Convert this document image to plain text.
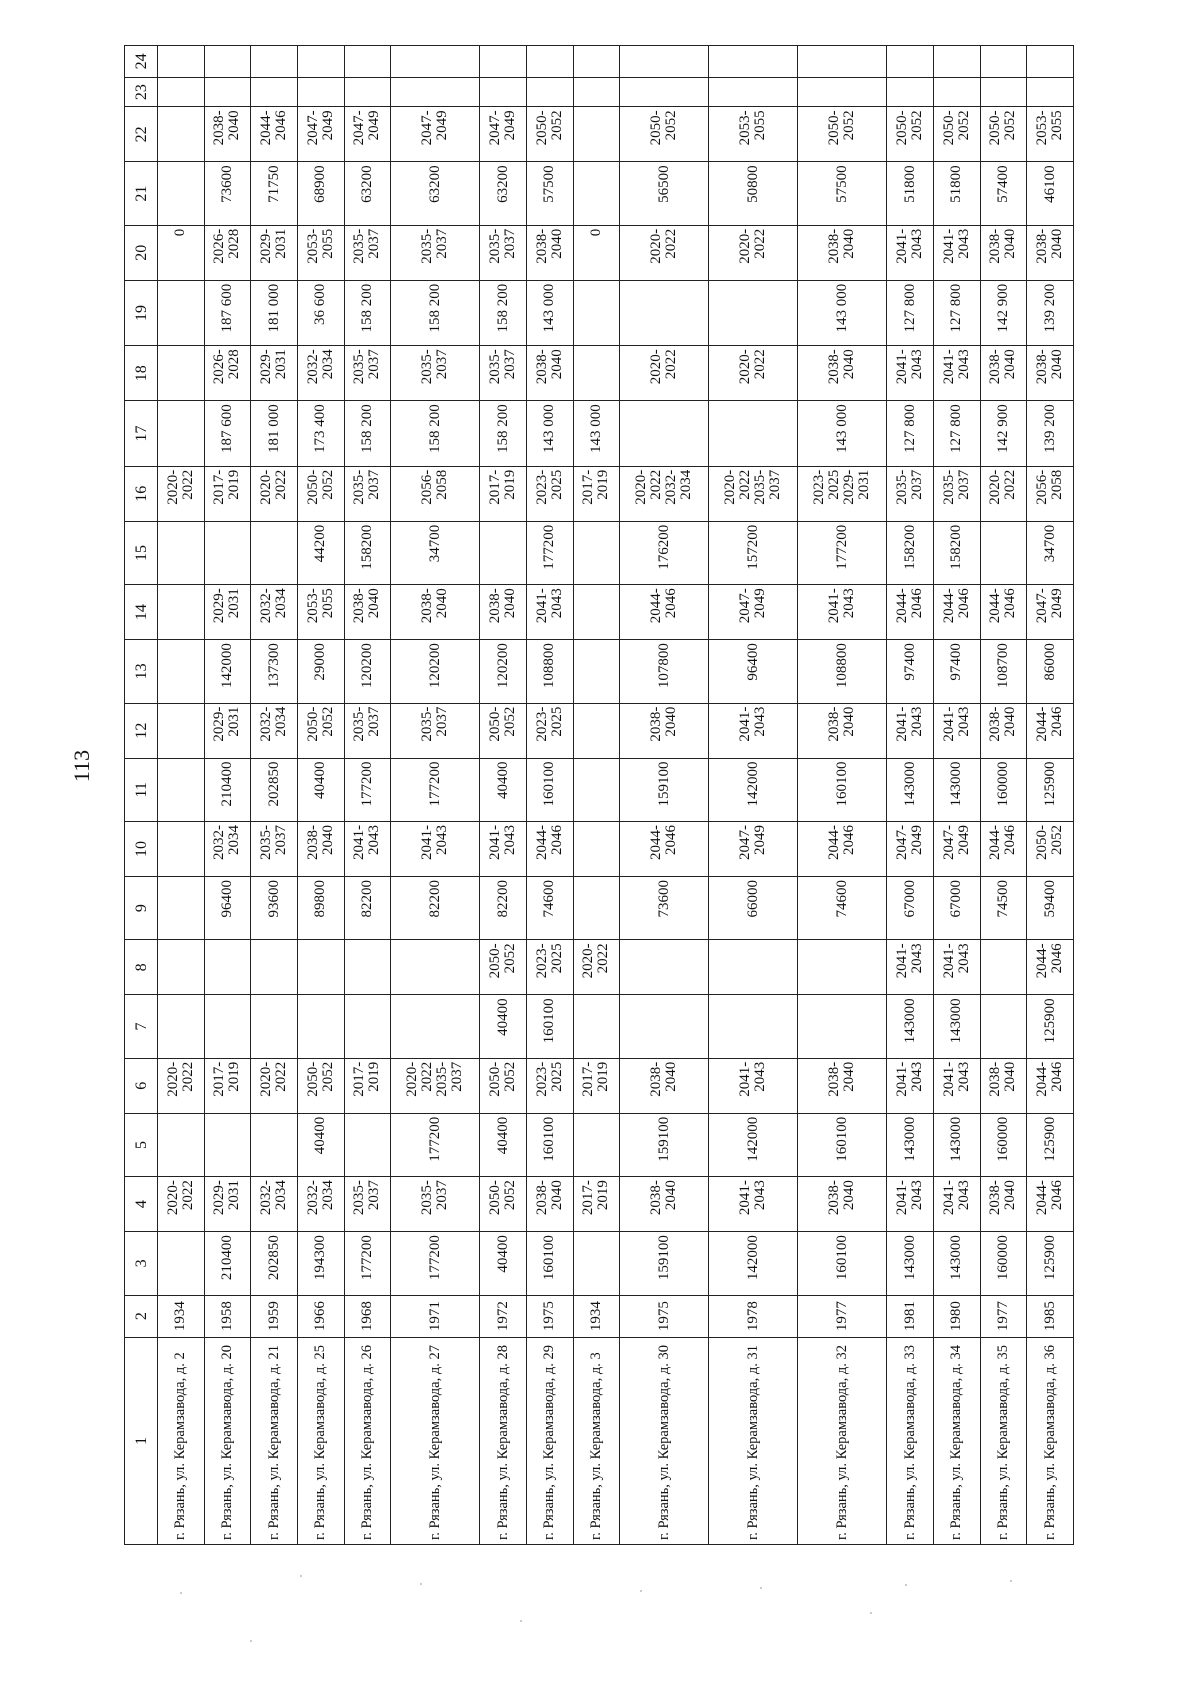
113
1	2	3	4	5	6	7	8	9	10	11	12	13	14	15	16	17	18	19	20	21	22	23	24
г. Рязань, ул. Керамзавода, д. 2	1934		2020-
2022		2020-
2022										2020-
2022				0				
г. Рязань, ул. Керамзавода, д. 20	1958	210400	2029-
2031		2017-
2019			96400	2032-
2034	210400	2029-
2031	142000	2029-
2031		2017-
2019	187 600	2026-
2028	187 600	2026-
2028	73600	2038-
2040		
г. Рязань, ул. Керамзавода, д. 21	1959	202850	2032-
2034		2020-
2022			93600	2035-
2037	202850	2032-
2034	137300	2032-
2034		2020-
2022	181 000	2029-
2031	181 000	2029-
2031	71750	2044-
2046		
г. Рязань, ул. Керамзавода, д. 25	1966	194300	2032-
2034	40400	2050-
2052			89800	2038-
2040	40400	2050-
2052	29000	2053-
2055	44200	2050-
2052	173 400	2032-
2034	36 600	2053-
2055	68900	2047-
2049		
г. Рязань, ул. Керамзавода, д. 26	1968	177200	2035-
2037		2017-
2019			82200	2041-
2043	177200	2035-
2037	120200	2038-
2040	158200	2035-
2037	158 200	2035-
2037	158 200	2035-
2037	63200	2047-
2049		
г. Рязань, ул. Керамзавода, д. 27	1971	177200	2035-
2037	177200	2020-
2022
2035-
2037			82200	2041-
2043	177200	2035-
2037	120200	2038-
2040	34700	2056-
2058	158 200	2035-
2037	158 200	2035-
2037	63200	2047-
2049		
г. Рязань, ул. Керамзавода, д. 28	1972	40400	2050-
2052	40400	2050-
2052	40400	2050-
2052	82200	2041-
2043	40400	2050-
2052	120200	2038-
2040		2017-
2019	158 200	2035-
2037	158 200	2035-
2037	63200	2047-
2049		
г. Рязань, ул. Керамзавода, д. 29	1975	160100	2038-
2040	160100	2023-
2025	160100	2023-
2025	74600	2044-
2046	160100	2023-
2025	108800	2041-
2043	177200	2023-
2025	143 000	2038-
2040	143 000	2038-
2040	57500	2050-
2052		
г. Рязань, ул. Керамзавода, д. 3	1934		2017-
2019		2017-
2019		2020-
2022								2017-
2019	143 000			0				
г. Рязань, ул. Керамзавода, д. 30	1975	159100	2038-
2040	159100	2038-
2040			73600	2044-
2046	159100	2038-
2040	107800	2044-
2046	176200	2020-
2022
2032-
2034		2020-
2022		2020-
2022	56500	2050-
2052		
г. Рязань, ул. Керамзавода, д. 31	1978	142000	2041-
2043	142000	2041-
2043			66000	2047-
2049	142000	2041-
2043	96400	2047-
2049	157200	2020-
2022
2035-
2037		2020-
2022		2020-
2022	50800	2053-
2055		
г. Рязань, ул. Керамзавода, д. 32	1977	160100	2038-
2040	160100	2038-
2040			74600	2044-
2046	160100	2038-
2040	108800	2041-
2043	177200	2023-
2025
2029-
2031	143 000	2038-
2040	143 000	2038-
2040	57500	2050-
2052		
г. Рязань, ул. Керамзавода, д. 33	1981	143000	2041-
2043	143000	2041-
2043	143000	2041-
2043	67000	2047-
2049	143000	2041-
2043	97400	2044-
2046	158200	2035-
2037	127 800	2041-
2043	127 800	2041-
2043	51800	2050-
2052		
г. Рязань, ул. Керамзавода, д. 34	1980	143000	2041-
2043	143000	2041-
2043	143000	2041-
2043	67000	2047-
2049	143000	2041-
2043	97400	2044-
2046	158200	2035-
2037	127 800	2041-
2043	127 800	2041-
2043	51800	2050-
2052		
г. Рязань, ул. Керамзавода, д. 35	1977	160000	2038-
2040	160000	2038-
2040			74500	2044-
2046	160000	2038-
2040	108700	2044-
2046		2020-
2022	142 900	2038-
2040	142 900	2038-
2040	57400	2050-
2052		
г. Рязань, ул. Керамзавода, д. 36	1985	125900	2044-
2046	125900	2044-
2046	125900	2044-
2046	59400	2050-
2052	125900	2044-
2046	86000	2047-
2049	34700	2056-
2058	139 200	2038-
2040	139 200	2038-
2040	46100	2053-
2055		
